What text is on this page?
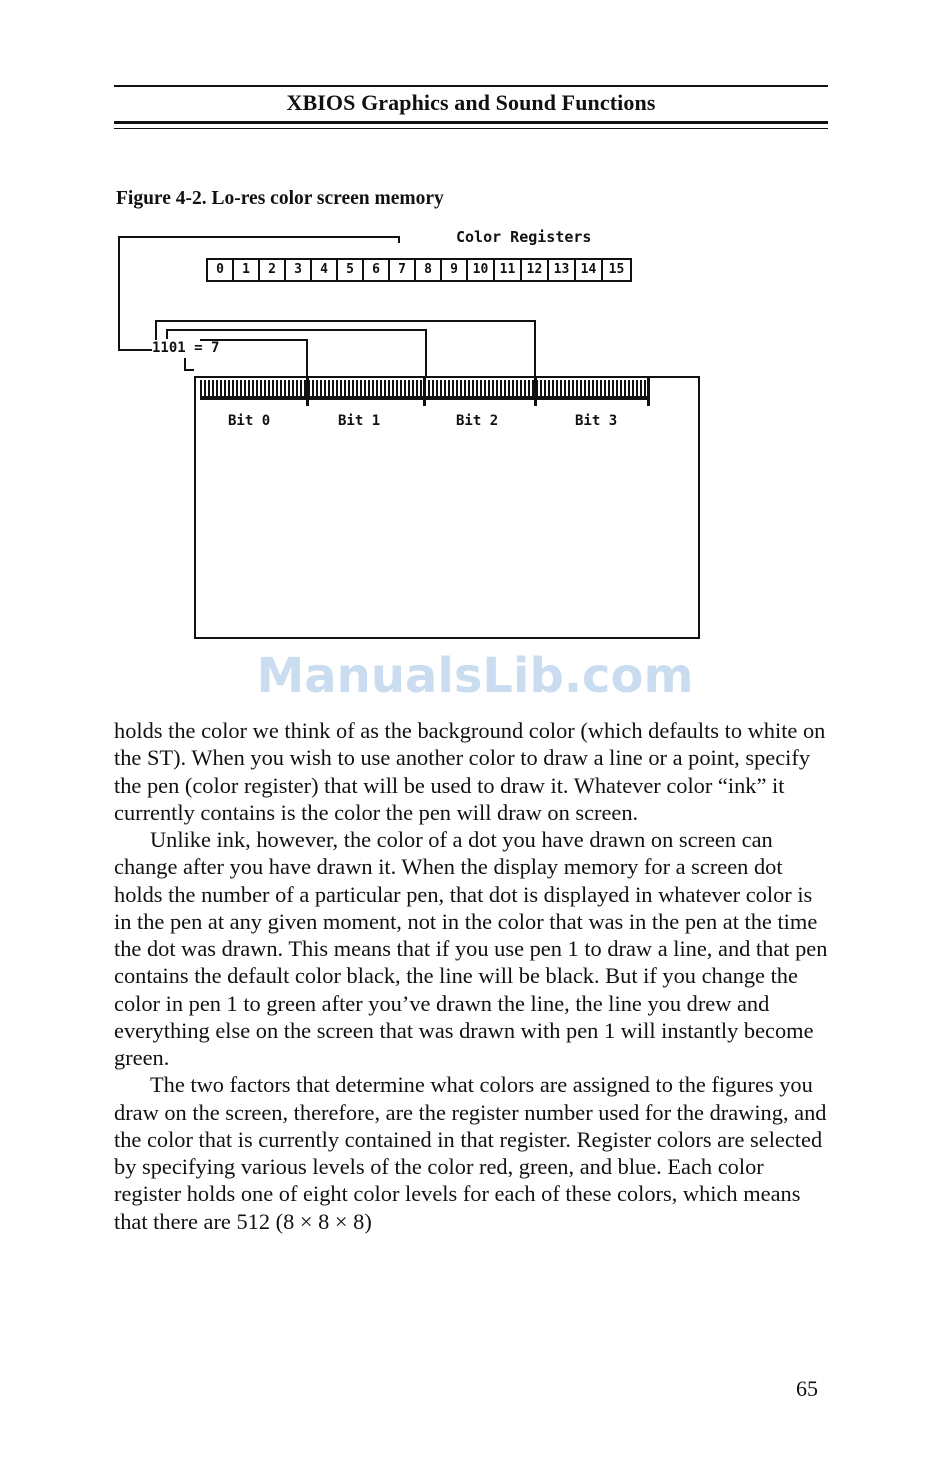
XBIOS Graphics and Sound Functions
Figure 4-2. Lo-res color screen memory
Color Registers
0	1	2	3	4	5	6	7	8	9	10 11 12 13 14 15
1101 = 7
Bit 0	Bit 1	Bit 2	Bit 3
ManualsLib.com

holds the color we think of as the background color (which defaults to white on the ST). When you wish to use another color to draw a line or a point, specify the pen (color register) that will be used to draw it. Whatever color “ink” it currently contains is the color the pen will draw on screen.

Unlike ink, however, the color of a dot you have drawn on screen can change after you have drawn it. When the display memory for a screen dot holds the number of a particular pen, that dot is displayed in whatever color is in the pen at any given moment, not in the color that was in the pen at the time the dot was drawn. This means that if you use pen 1 to draw a line, and that pen contains the default color black, the line will be black. But if you change the color in pen 1 to green after you’ve drawn the line, the line you drew and everything else on the screen that was drawn with pen 1 will instantly become green.

The two factors that determine what colors are assigned to the figures you draw on the screen, therefore, are the register number used for the drawing, and the color that is currently contained in that register. Register colors are selected by specifying various levels of the color red, green, and blue. Each color register holds one of eight color levels for each of these colors, which means that there are 512 (8 × 8 × 8)

65
